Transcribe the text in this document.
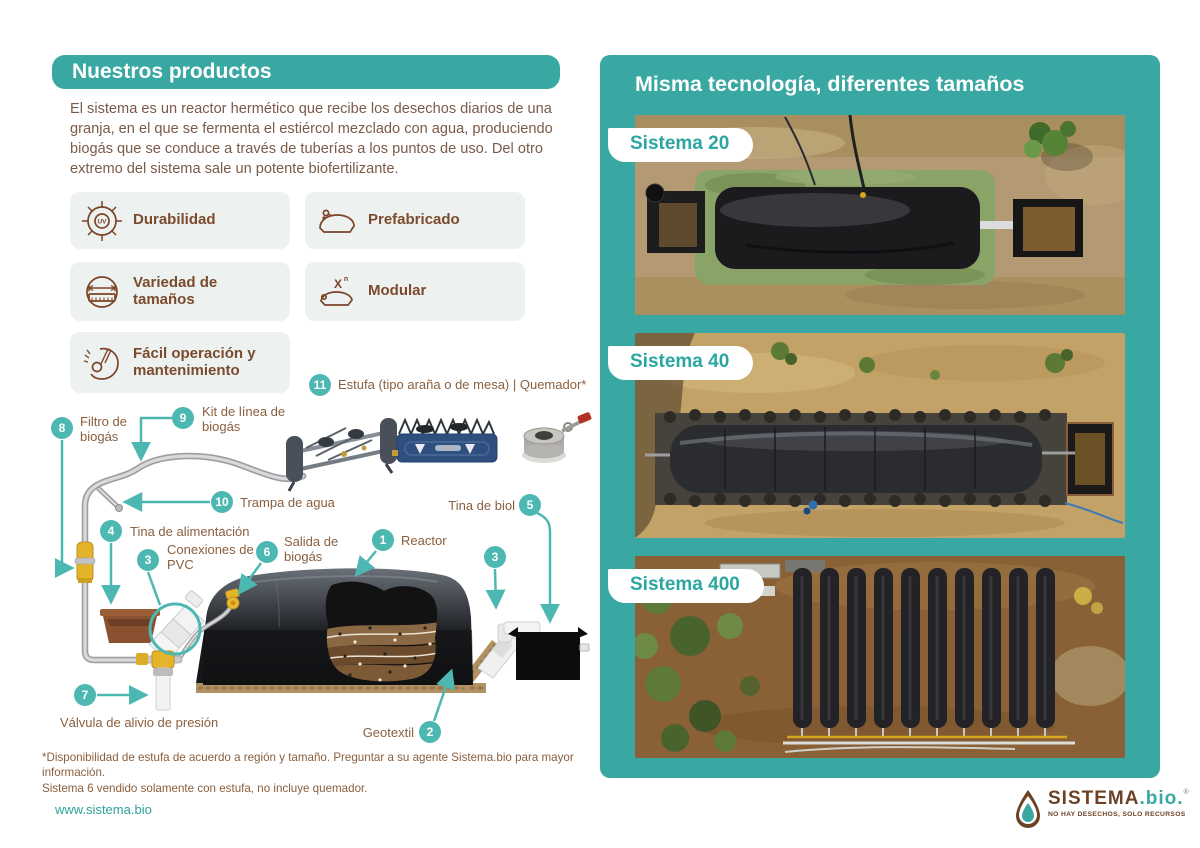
Nuestros productos
El sistema es un reactor hermético que recibe los desechos diarios de una granja, en el que se fermenta el estiércol mezclado con agua, produciendo biogás que se conduce a través de tuberías a los puntos de uso. Del otro extremo del sistema sale un potente biofertilizante.
UV Durabilidad	Prefabricado
Variedad de tamaños
X n
Modular
Fácil operación y mantenimiento
1
2
3	3
4
5
6
7
8
9
10
11
Reactor
Geotextil
Conexiones de PVC
Tina de alimentación
Tina de biol
Salida de biogás
Válvula de alivio de presión
Filtro de biogás
Kit de línea de biogás
Trampa de agua
Estufa (tipo araña o de mesa) | Quemador*
*Disponibilidad de estufa de acuerdo a región y tamaño. Preguntar a su agente Sistema.bio para mayor información.
Sistema 6 vendido solamente con estufa, no incluye quemador.
www.sistema.bio
Misma tecnología, diferentes tamaños
Sistema 20
Sistema 40
Sistema 400
SISTEMA.bio.®
NO HAY DESECHOS, SOLO RECURSOS
